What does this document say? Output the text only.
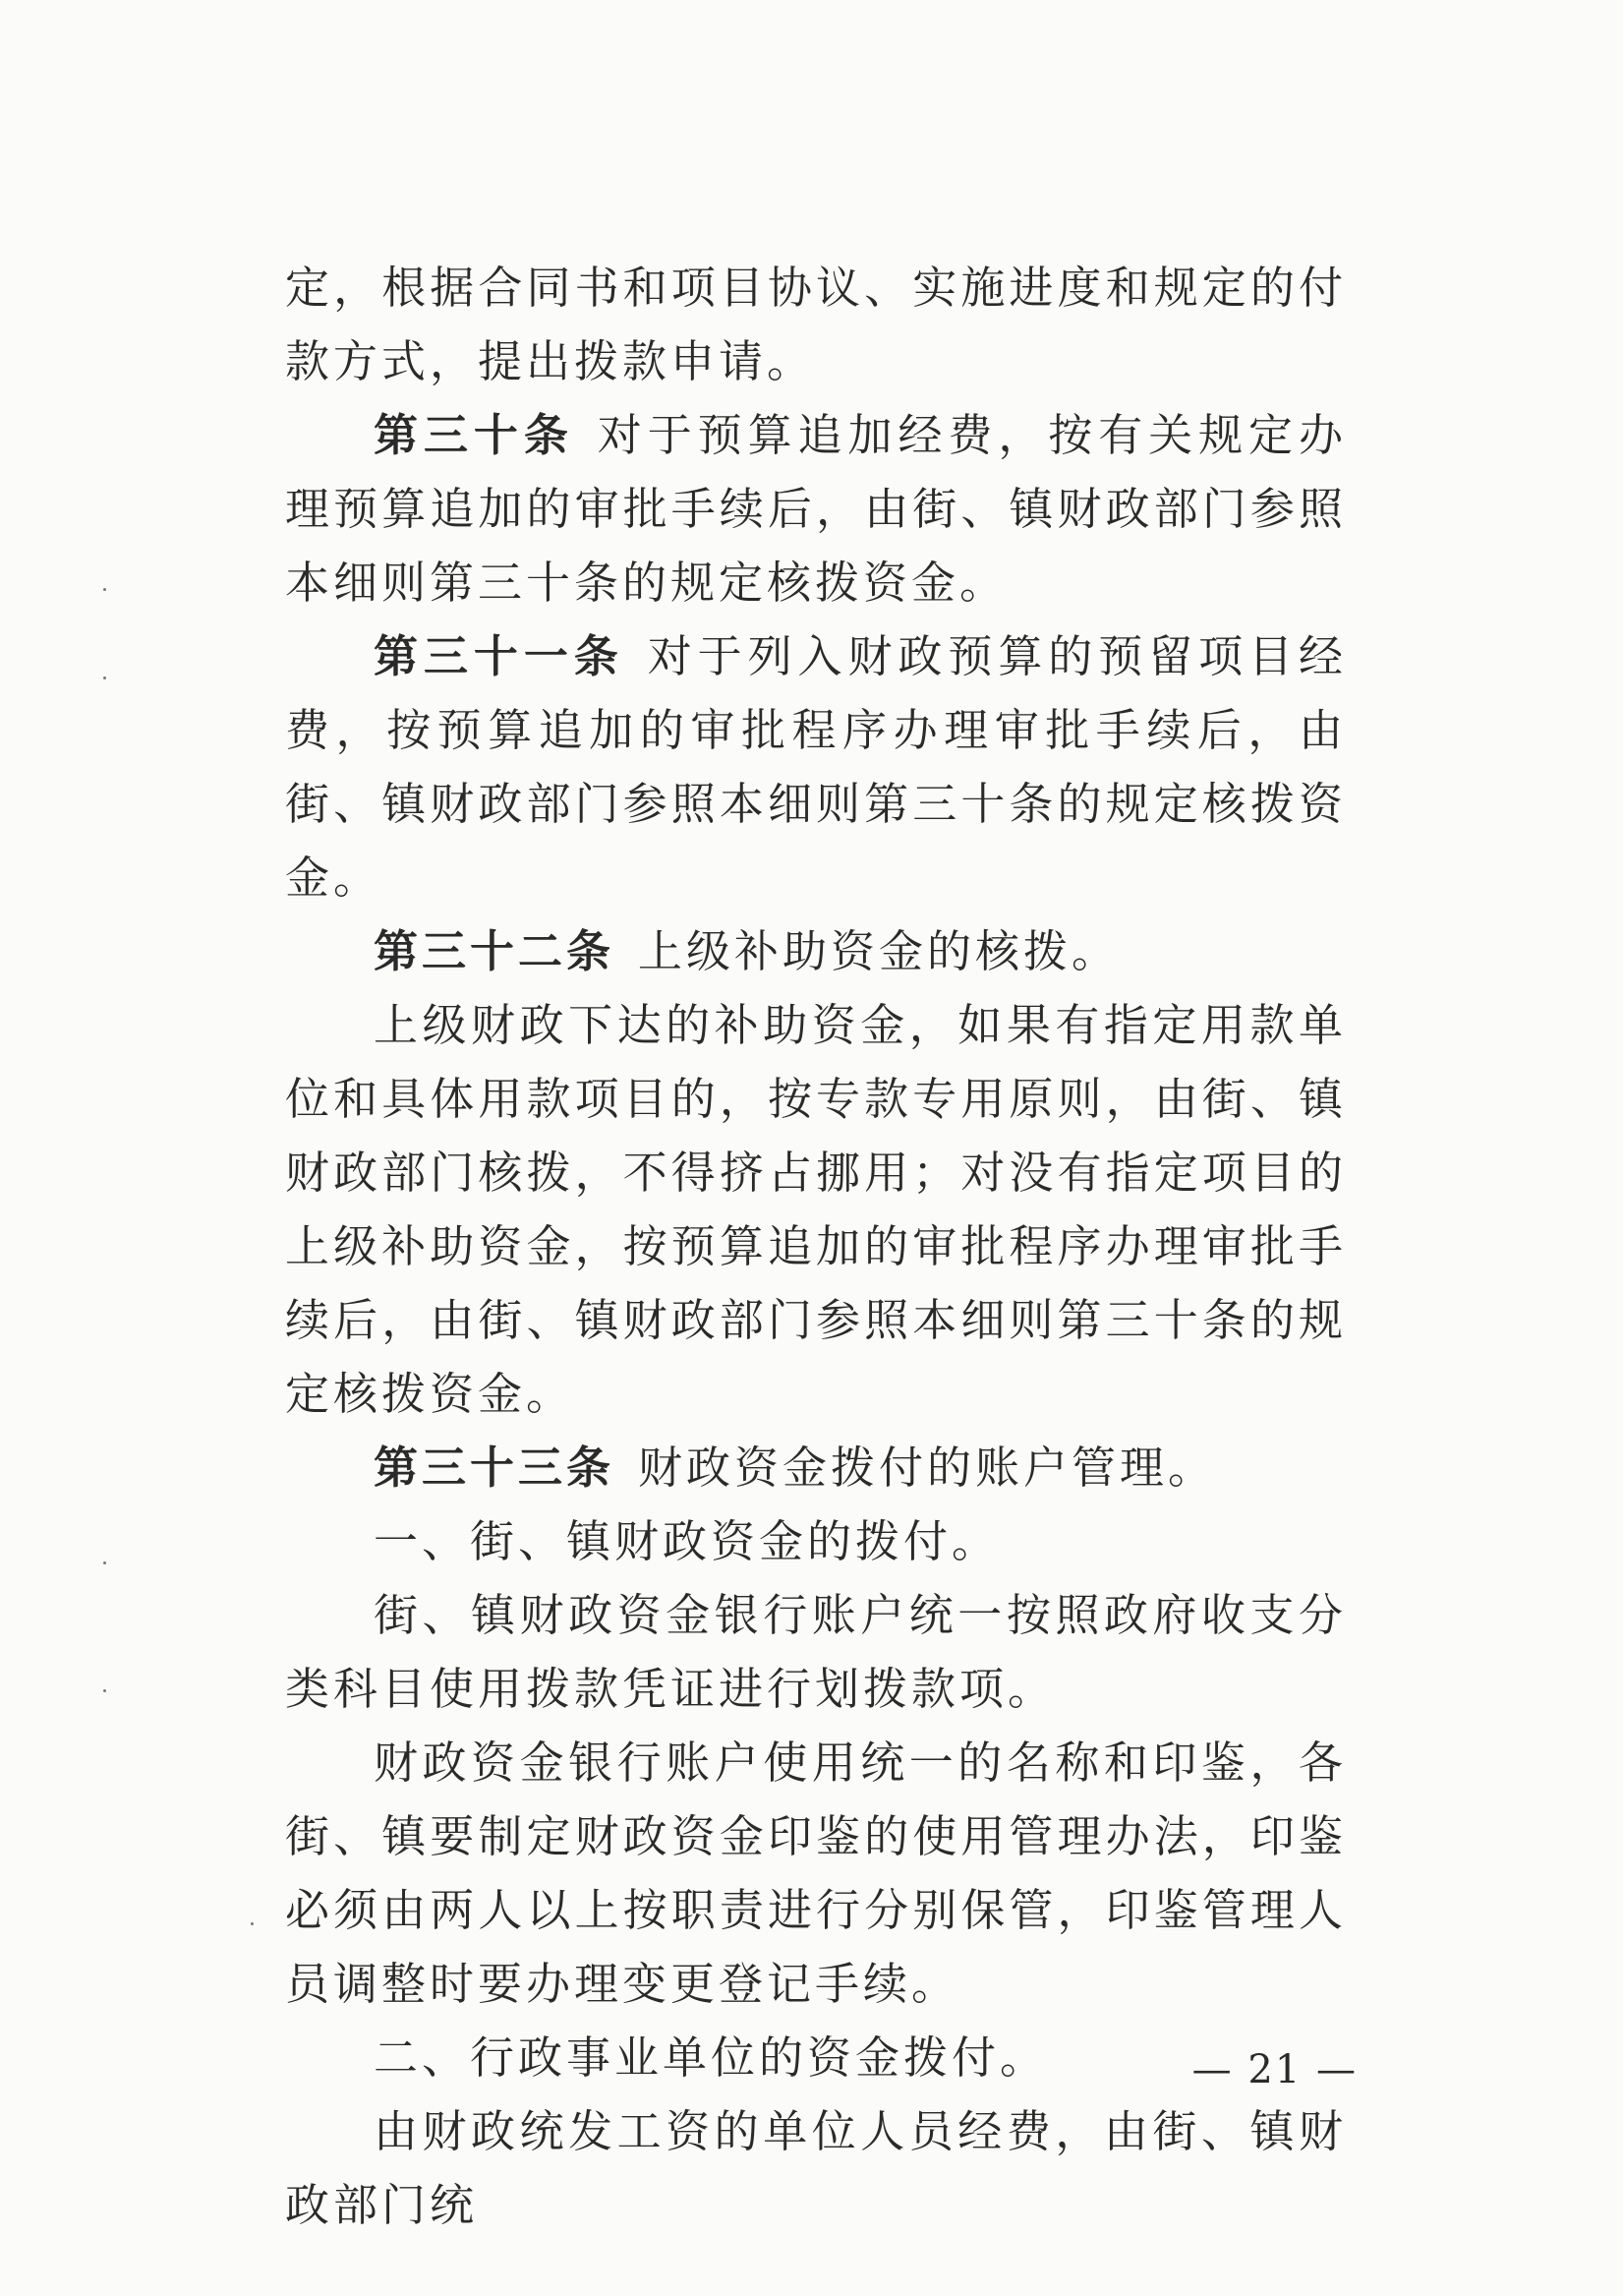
定，根据合同书和项目协议、实施进度和规定的付款方式，提出拨款申请。

第三十条 对于预算追加经费，按有关规定办理预算追加的审批手续后，由街、镇财政部门参照本细则第三十条的规定核拨资金。

第三十一条 对于列入财政预算的预留项目经费，按预算追加的审批程序办理审批手续后，由街、镇财政部门参照本细则第三十条的规定核拨资金。

第三十二条 上级补助资金的核拨。

上级财政下达的补助资金，如果有指定用款单位和具体用款项目的，按专款专用原则，由街、镇财政部门核拨，不得挤占挪用；对没有指定项目的上级补助资金，按预算追加的审批程序办理审批手续后，由街、镇财政部门参照本细则第三十条的规定核拨资金。

第三十三条 财政资金拨付的账户管理。

一、街、镇财政资金的拨付。

街、镇财政资金银行账户统一按照政府收支分类科目使用拨款凭证进行划拨款项。

财政资金银行账户使用统一的名称和印鉴，各街、镇要制定财政资金印鉴的使用管理办法，印鉴必须由两人以上按职责进行分别保管，印鉴管理人员调整时要办理变更登记手续。

二、行政事业单位的资金拨付。

由财政统发工资的单位人员经费，由街、镇财政部门统

— 21 —
